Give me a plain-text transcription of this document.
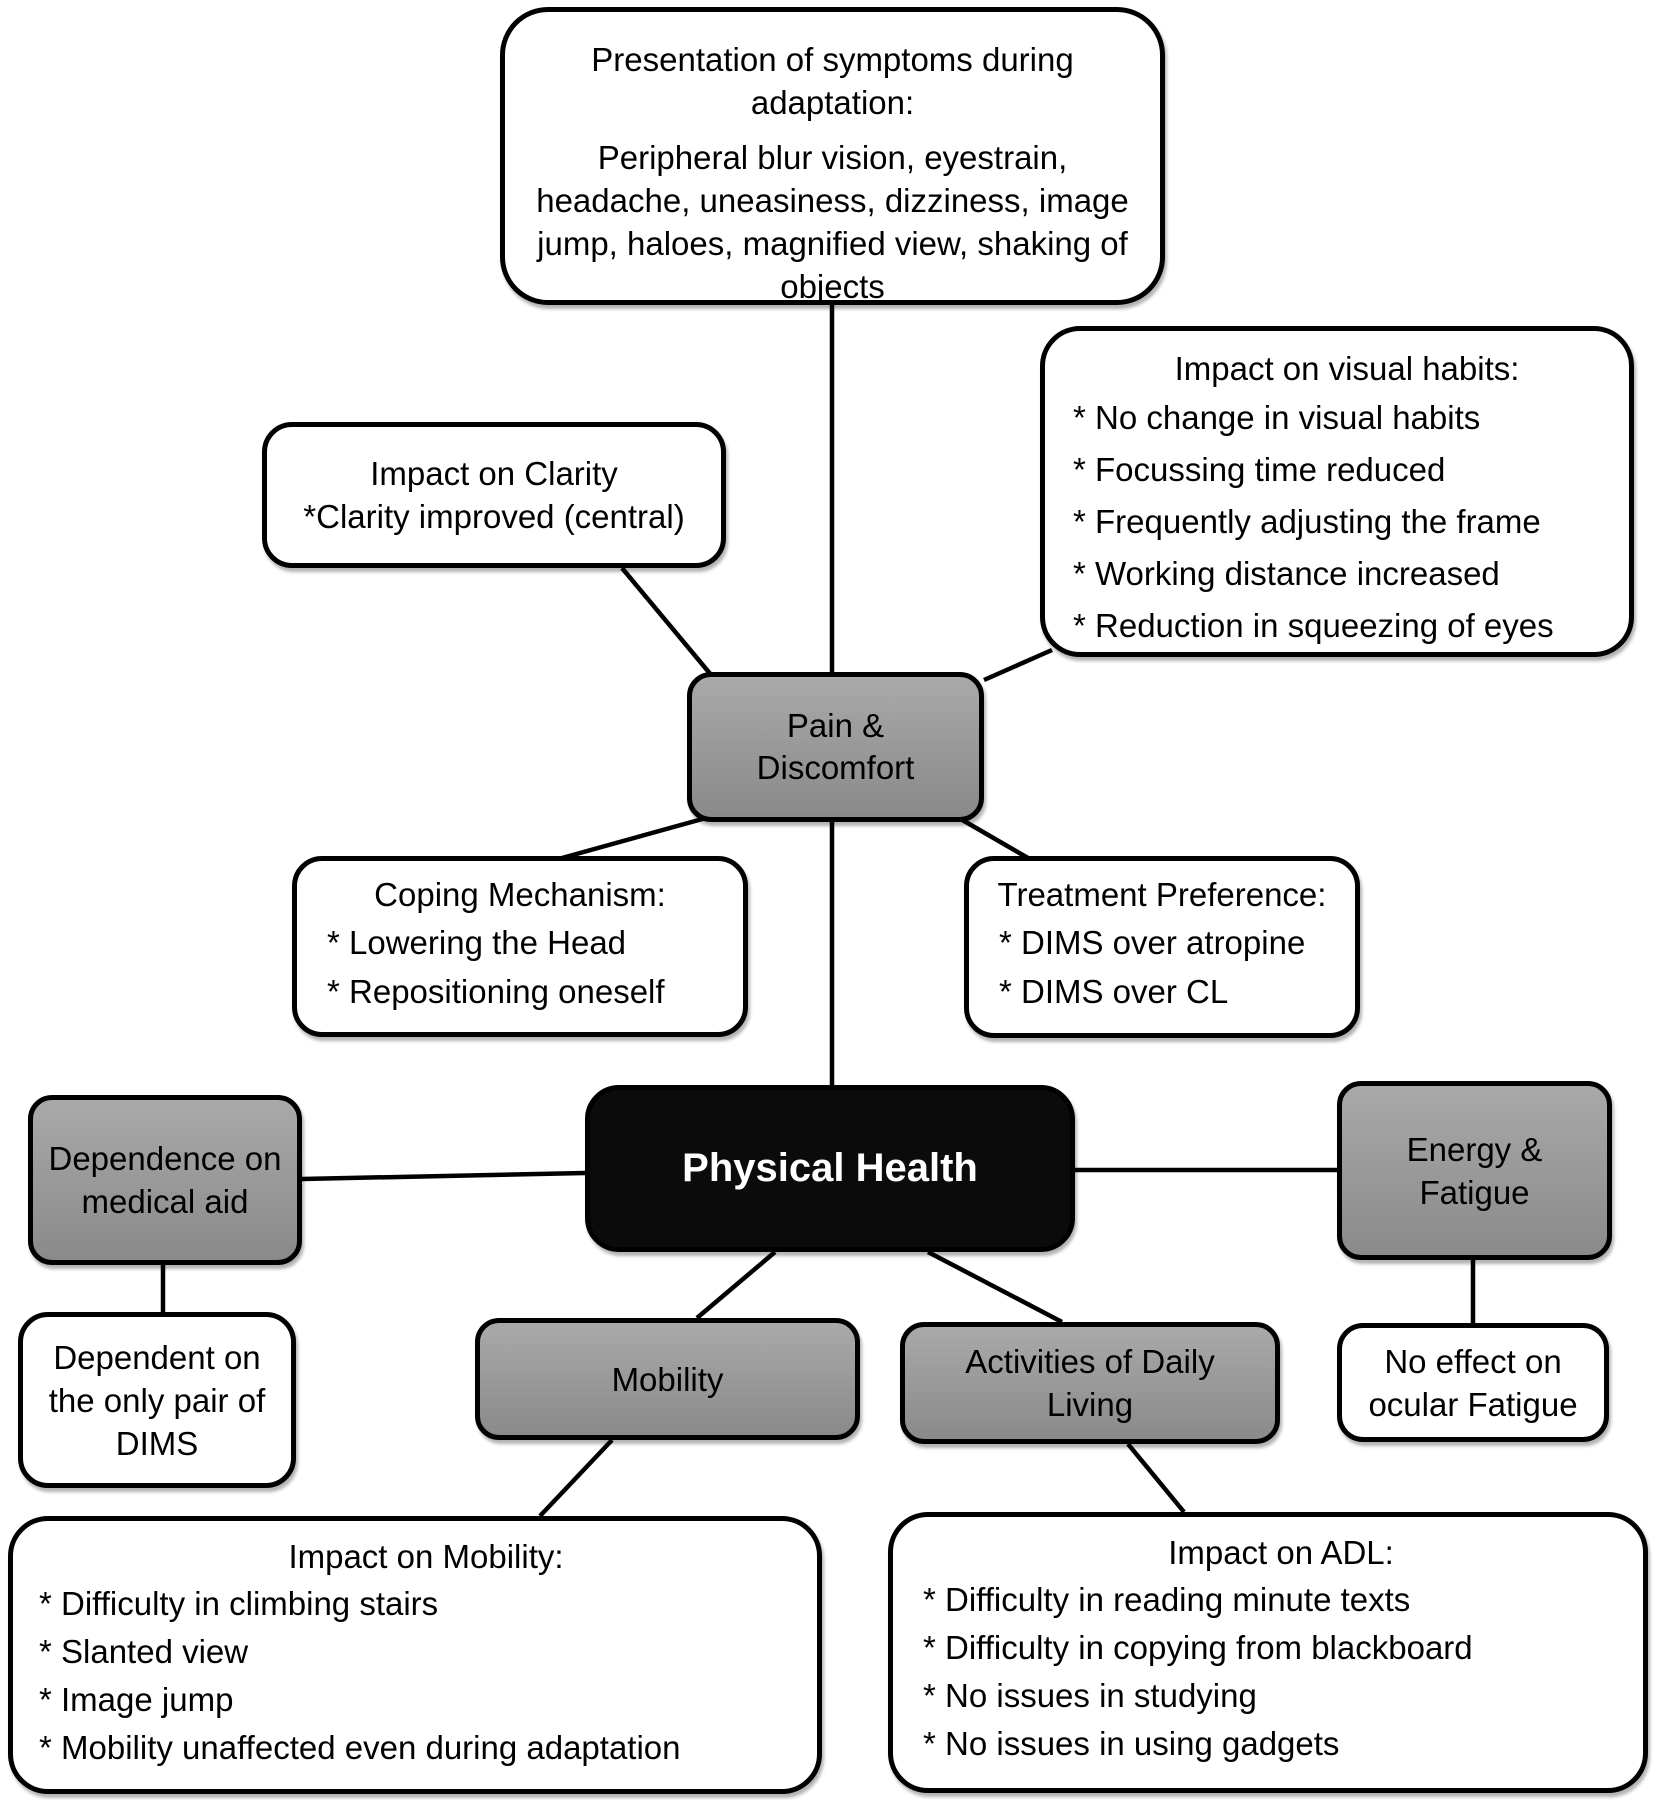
Presentation of symptoms during adaptation:
Peripheral blur vision, eyestrain, headache, uneasiness, dizziness, image jump, haloes, magnified view, shaking of objects
Impact on Clarity
*Clarity improved (central)
Impact on visual habits:
* No change in visual habits
* Focussing time reduced
* Frequently adjusting the frame
* Working distance increased
* Reduction in squeezing of eyes
Pain & Discomfort
Coping Mechanism:
* Lowering the Head
* Repositioning oneself
Treatment Preference:
* DIMS over atropine
* DIMS over CL
Physical Health
Dependence on medical aid
Dependent on the only pair of DIMS
Energy & Fatigue
No effect on ocular Fatigue
Mobility	Activities of Daily Living
Impact on Mobility:
* Difficulty in climbing stairs
* Slanted view
* Image jump
* Mobility unaffected even during adaptation
Impact on ADL:
* Difficulty in reading minute texts
* Difficulty in copying from blackboard
* No issues in studying
* No issues in using gadgets
